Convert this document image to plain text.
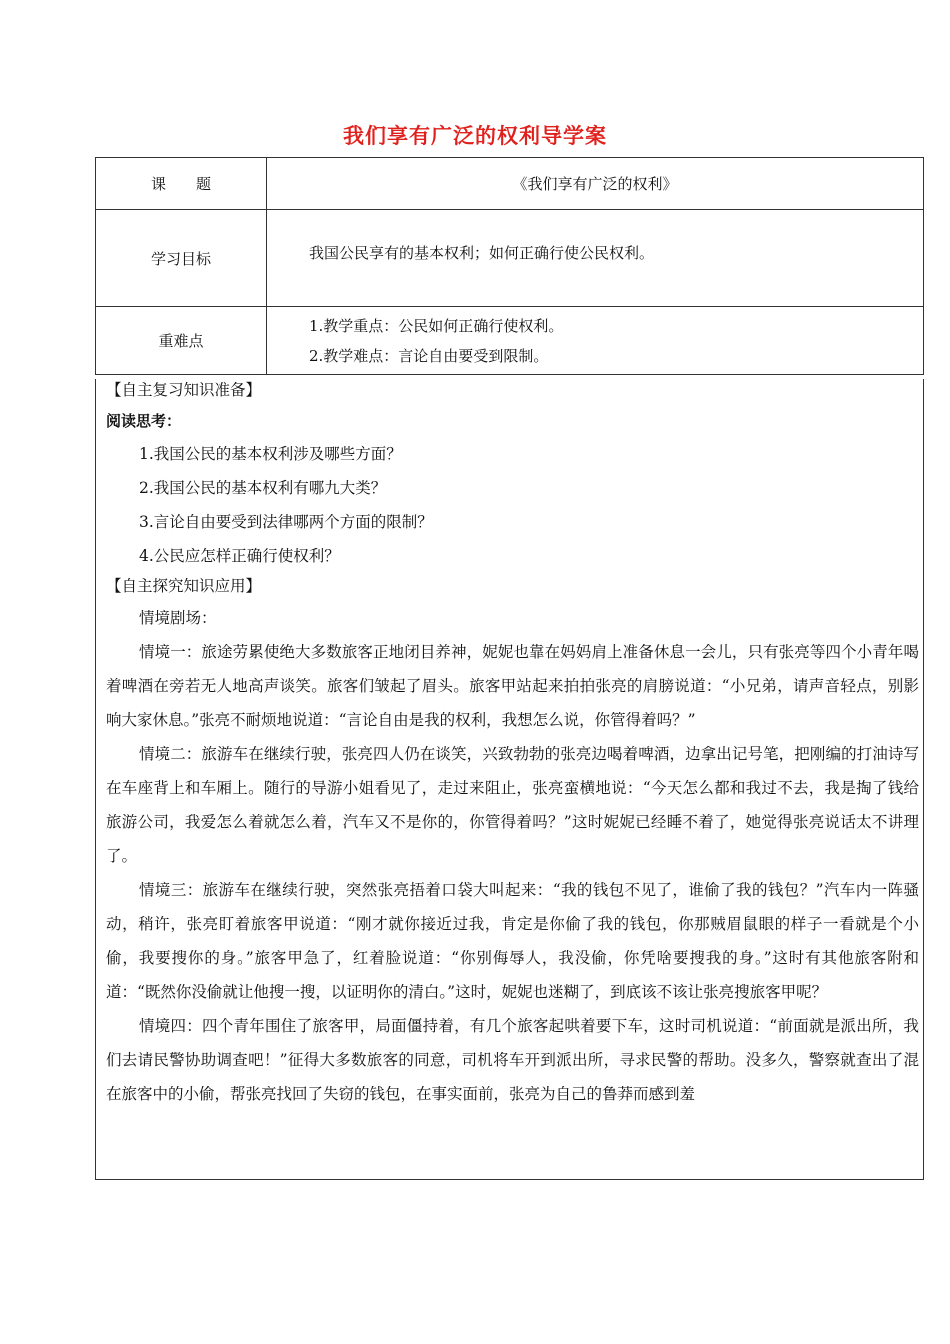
我们享有广泛的权利导学案
课　　题	《我们享有广泛的权利》
学习目标	我国公民享有的基本权利；如何正确行使公民权利。

重难点	1.教学重点：公民如何正确行使权利。
2.教学难点：言论自由要受到限制。
【自主复习知识准备】
阅读思考：
1.我国公民的基本权利涉及哪些方面？
2.我国公民的基本权利有哪九大类？
3.言论自由要受到法律哪两个方面的限制？
4.公民应怎样正确行使权利？
【自主探究知识应用】
情境剧场：

情境一：旅途劳累使绝大多数旅客正地闭目养神，妮妮也靠在妈妈肩上准备休息一会儿，只有张亮等四个小青年喝着啤酒在旁若无人地高声谈笑。旅客们皱起了眉头。旅客甲站起来拍拍张亮的肩膀说道：“小兄弟，请声音轻点，别影响大家休息。”张亮不耐烦地说道：“言论自由是我的权利，我想怎么说，你管得着吗？”

情境二：旅游车在继续行驶，张亮四人仍在谈笑，兴致勃勃的张亮边喝着啤酒，边拿出记号笔，把刚编的打油诗写在车座背上和车厢上。随行的导游小姐看见了，走过来阻止，张亮蛮横地说：“今天怎么都和我过不去，我是掏了钱给旅游公司，我爱怎么着就怎么着，汽车又不是你的，你管得着吗？”这时妮妮已经睡不着了，她觉得张亮说话太不讲理了。

情境三：旅游车在继续行驶，突然张亮捂着口袋大叫起来：“我的钱包不见了，谁偷了我的钱包？”汽车内一阵骚动，稍许，张亮盯着旅客甲说道：“刚才就你接近过我，肯定是你偷了我的钱包，你那贼眉鼠眼的样子一看就是个小偷，我要搜你的身。”旅客甲急了，红着脸说道：“你别侮辱人，我没偷，你凭啥要搜我的身。”这时有其他旅客附和道：“既然你没偷就让他搜一搜，以证明你的清白。”这时，妮妮也迷糊了，到底该不该让张亮搜旅客甲呢？

情境四：四个青年围住了旅客甲，局面僵持着，有几个旅客起哄着要下车，这时司机说道：“前面就是派出所，我们去请民警协助调查吧！”征得大多数旅客的同意，司机将车开到派出所，寻求民警的帮助。没多久，警察就查出了混在旅客中的小偷，帮张亮找回了失窃的钱包，在事实面前，张亮为自己的鲁莽而感到羞
